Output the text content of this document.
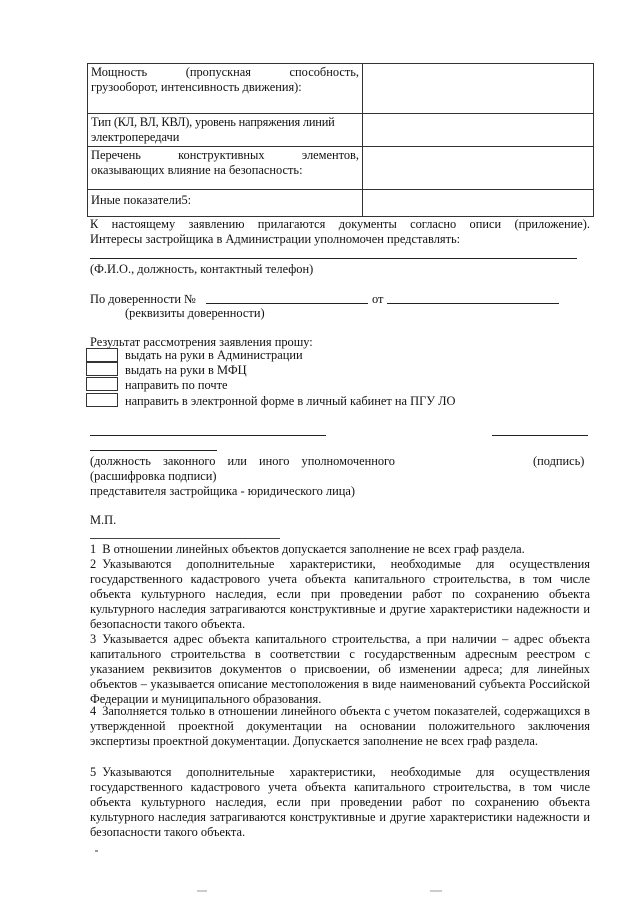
Мощность (пропускная способность,
грузооборот, интенсивность движения):	

Тип (КЛ, ВЛ, КВЛ), уровень напряжения линий
электропередачи	

Перечень конструктивных элементов,
оказывающих влияние на безопасность:	

Иные показатели5:	

К настоящему заявлению прилагаются документы согласно описи (приложение).
Интересы застройщика в Администрации уполномочен представлять:
(Ф.И.О., должность, контактный телефон)
По доверенности №	от
(реквизиты доверенности)
Результат рассмотрения заявления прошу:
выдать на руки в Администрации
выдать на руки в МФЦ
направить по почте
направить в электронной форме в личный кабинет на ПГУ ЛО
(должность законного или иного уполномоченного	(подпись)
(расшифровка подписи)
представителя застройщика - юридического лица)
М.П.
1 В отношении линейных объектов допускается заполнение не всех граф раздела.
2 Указываются дополнительные характеристики, необходимые для осуществления государственного кадастрового учета объекта капитального строительства, в том числе объекта культурного наследия, если при проведении работ по сохранению объекта культурного наследия затрагиваются конструктивные и другие характеристики надежности и безопасности такого объекта.
3 Указывается адрес объекта капитального строительства, а при наличии – адрес объекта капитального строительства в соответствии с государственным адресным реестром с указанием реквизитов документов о присвоении, об изменении адреса; для линейных объектов – указывается описание местоположения в виде наименований субъекта Российской Федерации и муниципального образования.
4 Заполняется только в отношении линейного объекта с учетом показателей, содержащихся в утвержденной проектной документации на основании положительного заключения экспертизы проектной документации. Допускается заполнение не всех граф раздела.
5 Указываются дополнительные характеристики, необходимые для осуществления государственного кадастрового учета объекта капитального строительства, в том числе объекта культурного наследия, если при проведении работ по сохранению объекта культурного наследия затрагиваются конструктивные и другие характеристики надежности и безопасности такого объекта.
